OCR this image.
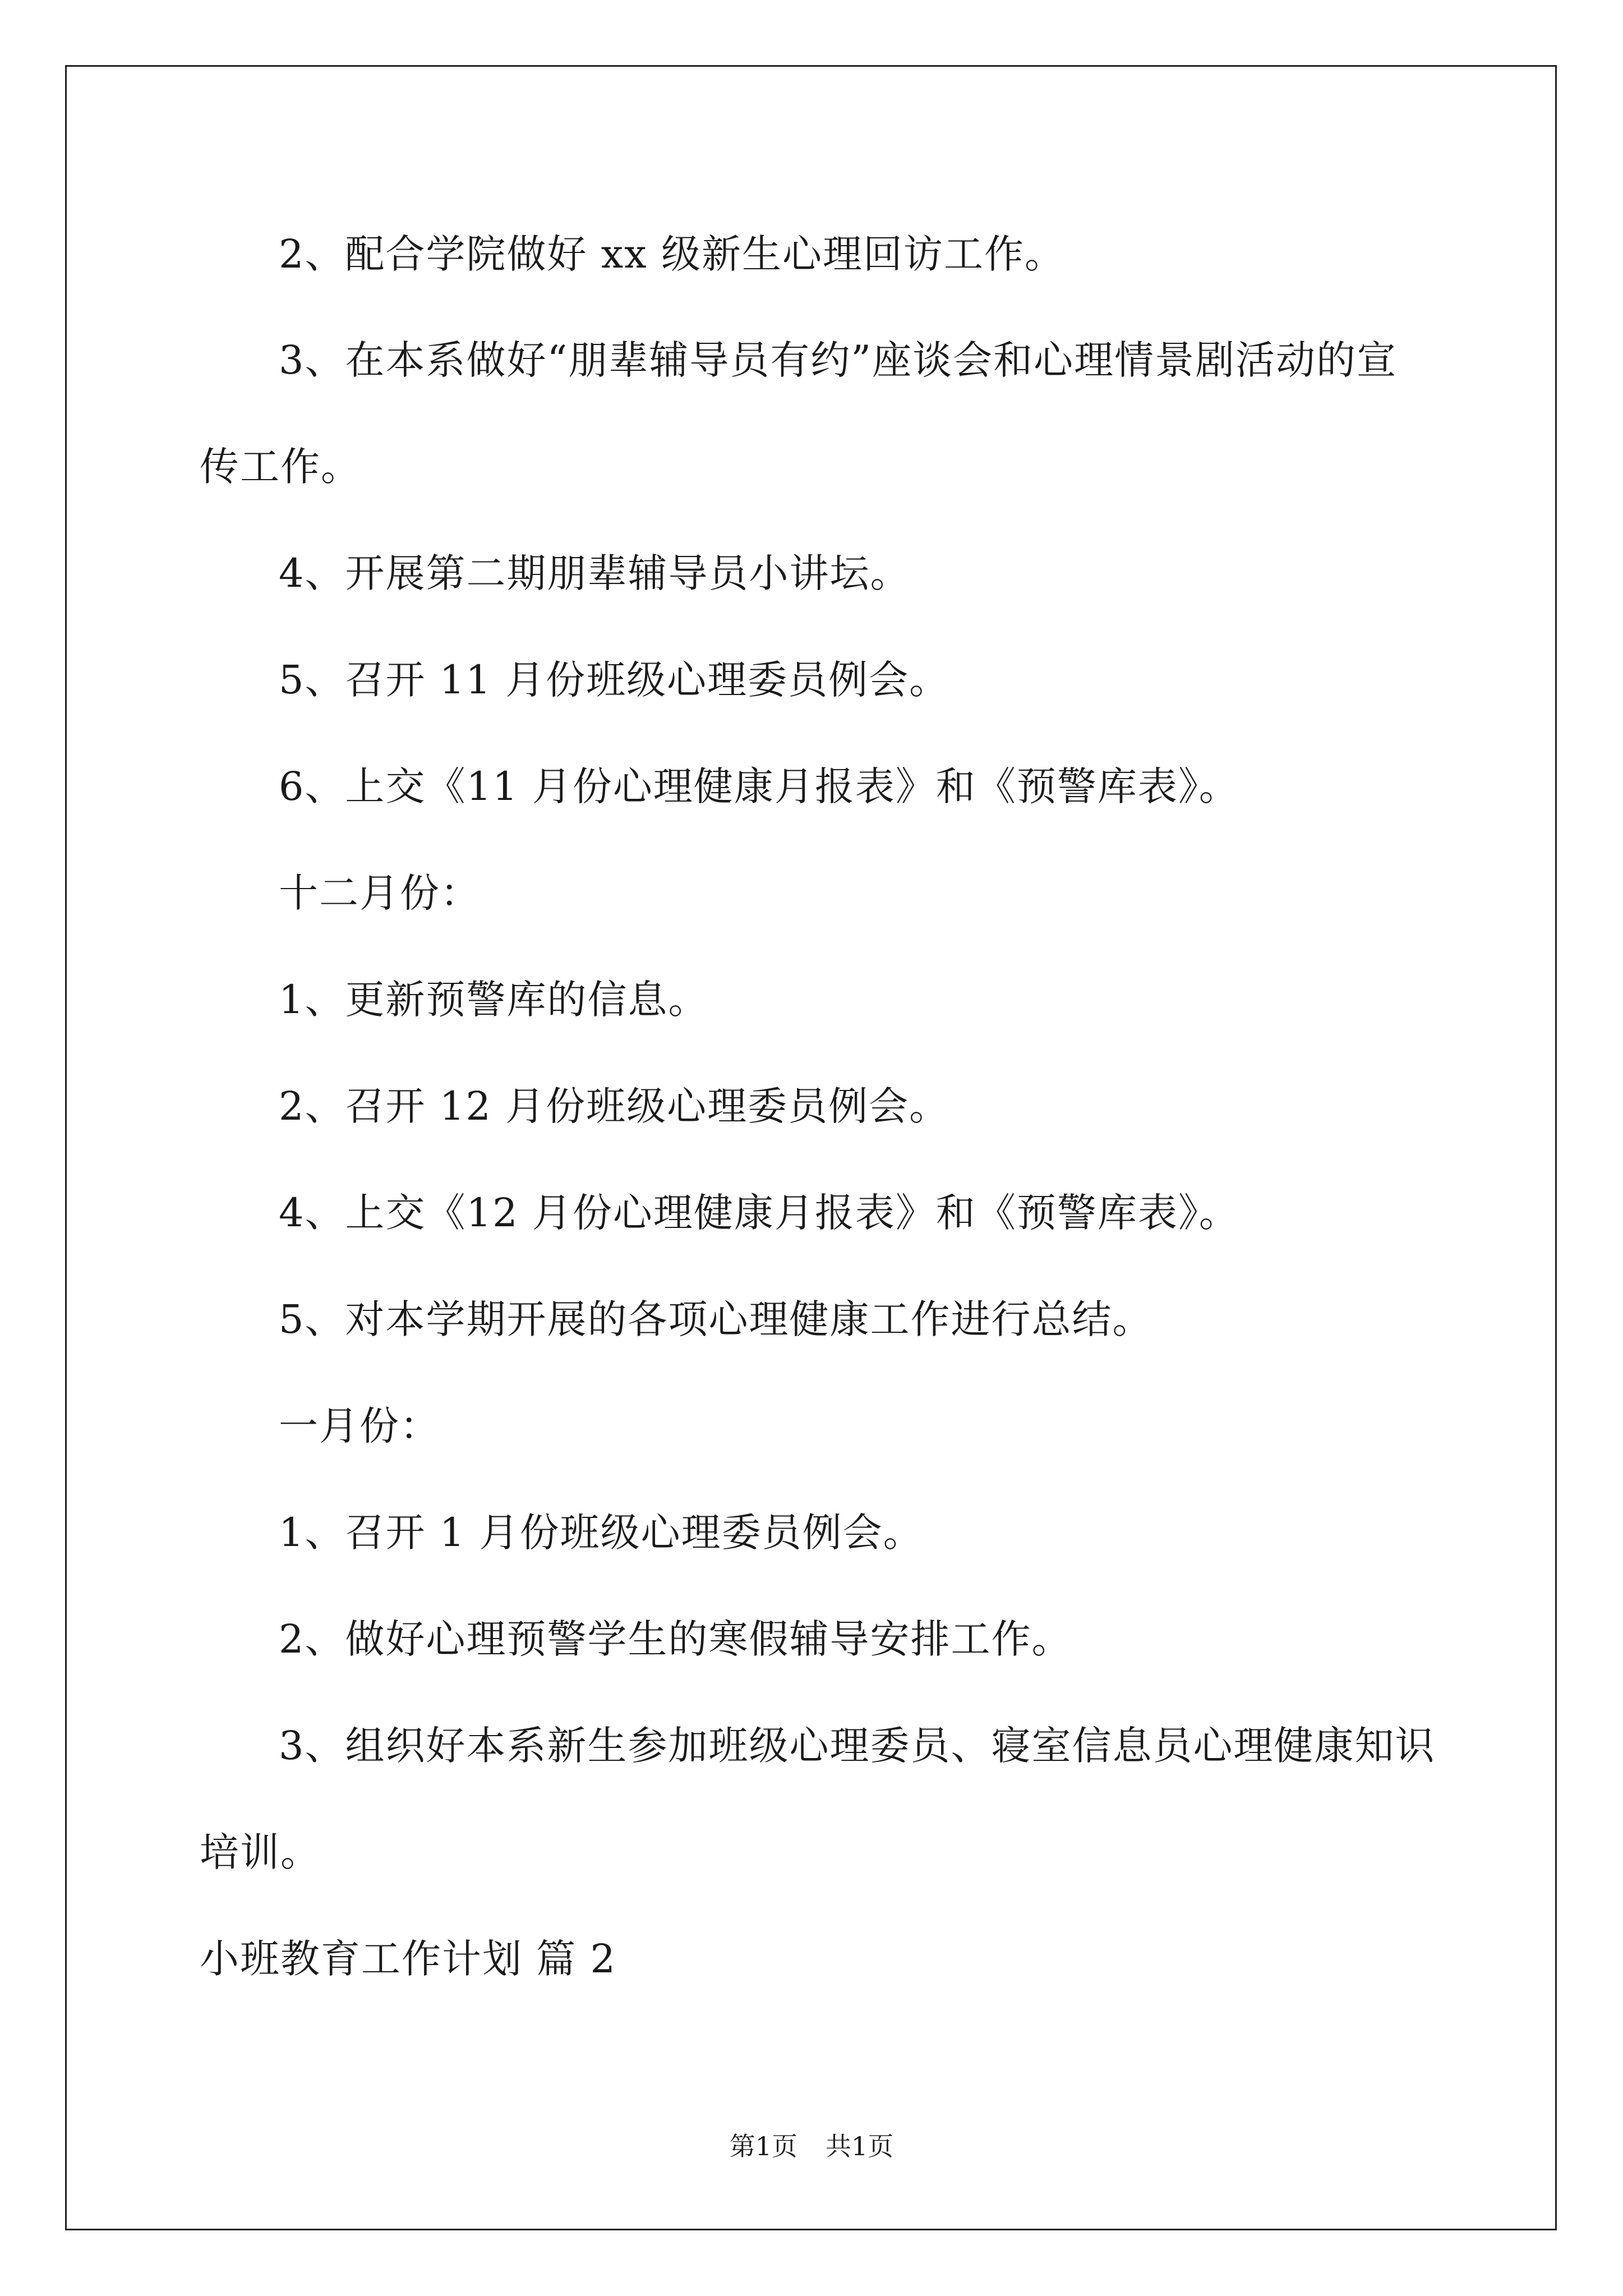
2、配合学院做好 xx 级新生心理回访工作。
3、在本系做好“朋辈辅导员有约”座谈会和心理情景剧活动的宣
传工作。
4、开展第二期朋辈辅导员小讲坛。
5、召开 11 月份班级心理委员例会。
6、上交《11 月份心理健康月报表》和《预警库表》。
十二月份：
1、更新预警库的信息。
2、召开 12 月份班级心理委员例会。
4、上交《12 月份心理健康月报表》和《预警库表》。
5、对本学期开展的各项心理健康工作进行总结。
一月份：
1、召开 1 月份班级心理委员例会。
2、做好心理预警学生的寒假辅导安排工作。
3、组织好本系新生参加班级心理委员、寝室信息员心理健康知识
培训。
小班教育工作计划 篇 2
第1页 共1页
